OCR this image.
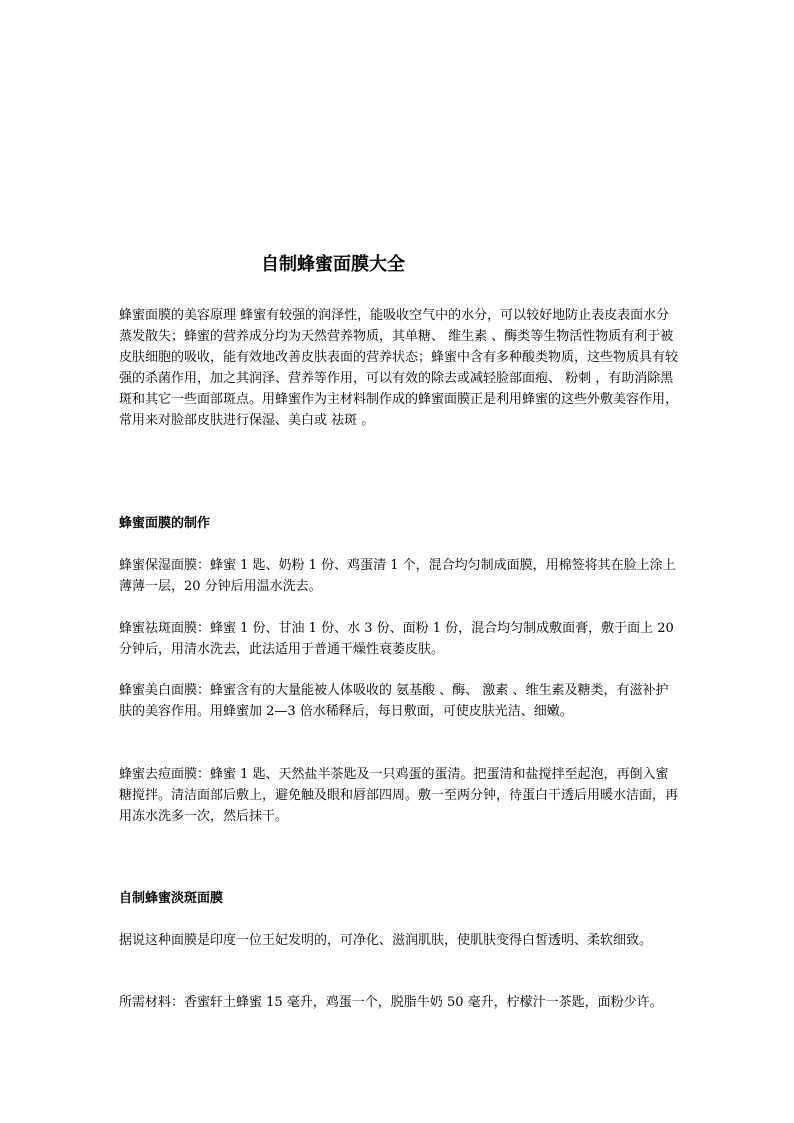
自制蜂蜜面膜大全

蜂蜜面膜的美容原理 蜂蜜有较强的润泽性，能吸收空气中的水分，可以较好地防止表皮表面水分蒸发散失；蜂蜜的营养成分均为天然营养物质，其单糖、 维生素 、酶类等生物活性物质有利于被皮肤细胞的吸收，能有效地改善皮肤表面的营养状态；蜂蜜中含有多种酸类物质，这些物质具有较强的杀菌作用，加之其润泽、营养等作用，可以有效的除去或减轻脸部面疱、 粉刺 ，有助消除黑斑和其它一些面部斑点。用蜂蜜作为主材料制作成的蜂蜜面膜正是利用蜂蜜的这些外敷美容作用，常用来对脸部皮肤进行保湿、美白或 祛斑 。

蜂蜜面膜的制作

蜂蜜保湿面膜：蜂蜜 1 匙、奶粉 1 份、鸡蛋清 1 个，混合均匀制成面膜，用棉签将其在脸上涂上薄薄一层，20 分钟后用温水洗去。

蜂蜜祛斑面膜：蜂蜜 1 份、甘油 1 份、水 3 份、面粉 1 份，混合均匀制成敷面膏，敷于面上 20 分钟后，用清水洗去，此法适用于普通干燥性衰萎皮肤。

蜂蜜美白面膜：蜂蜜含有的大量能被人体吸收的 氨基酸 、酶、 激素 、维生素及糖类，有滋补护肤的美容作用。用蜂蜜加 2—3 倍水稀释后，每日敷面，可使皮肤光洁、细嫩。

蜂蜜去痘面膜：蜂蜜 1 匙、天然盐半茶匙及一只鸡蛋的蛋清。把蛋清和盐搅拌至起泡，再倒入蜜糖搅拌。清洁面部后敷上，避免触及眼和唇部四周。敷一至两分钟，待蛋白干透后用暖水洁面，再用冻水洗多一次，然后抹干。

自制蜂蜜淡斑面膜

据说这种面膜是印度一位王妃发明的，可净化、滋润肌肤，使肌肤变得白皙透明、柔软细致。

所需材料：香蜜轩土蜂蜜 15 毫升，鸡蛋一个，脱脂牛奶 50 毫升，柠檬汁一茶匙，面粉少许。
